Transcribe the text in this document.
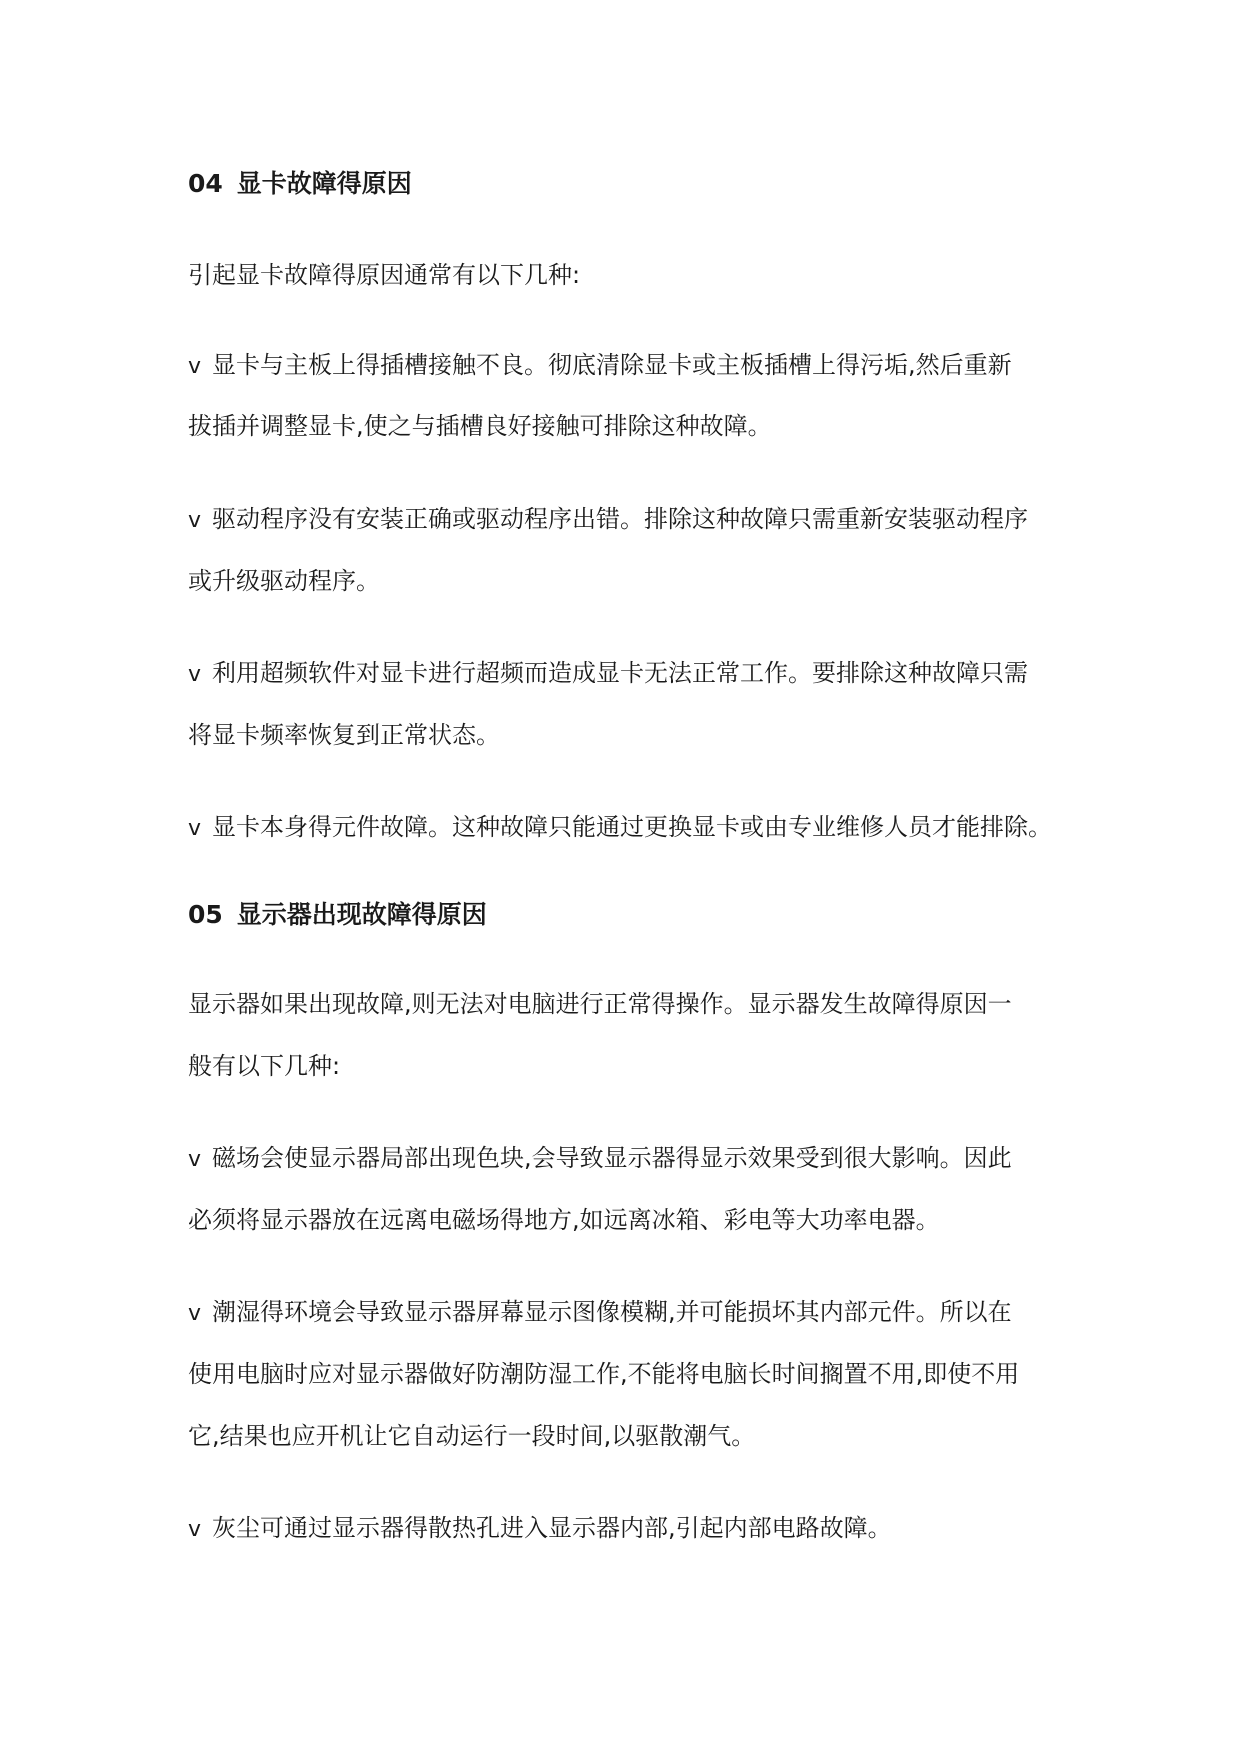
04 显卡故障得原因
引起显卡故障得原因通常有以下几种:
v 显卡与主板上得插槽接触不良。彻底清除显卡或主板插槽上得污垢,然后重新
拔插并调整显卡,使之与插槽良好接触可排除这种故障。
v 驱动程序没有安装正确或驱动程序出错。排除这种故障只需重新安装驱动程序
或升级驱动程序。
v 利用超频软件对显卡进行超频而造成显卡无法正常工作。要排除这种故障只需
将显卡频率恢复到正常状态。
v 显卡本身得元件故障。这种故障只能通过更换显卡或由专业维修人员才能排除。
05 显示器出现故障得原因
显示器如果出现故障,则无法对电脑进行正常得操作。显示器发生故障得原因一
般有以下几种:
v 磁场会使显示器局部出现色块,会导致显示器得显示效果受到很大影响。因此
必须将显示器放在远离电磁场得地方,如远离冰箱、彩电等大功率电器。
v 潮湿得环境会导致显示器屏幕显示图像模糊,并可能损坏其内部元件。所以在
使用电脑时应对显示器做好防潮防湿工作,不能将电脑长时间搁置不用,即使不用
它,结果也应开机让它自动运行一段时间,以驱散潮气。
v 灰尘可通过显示器得散热孔进入显示器内部,引起内部电路故障。
